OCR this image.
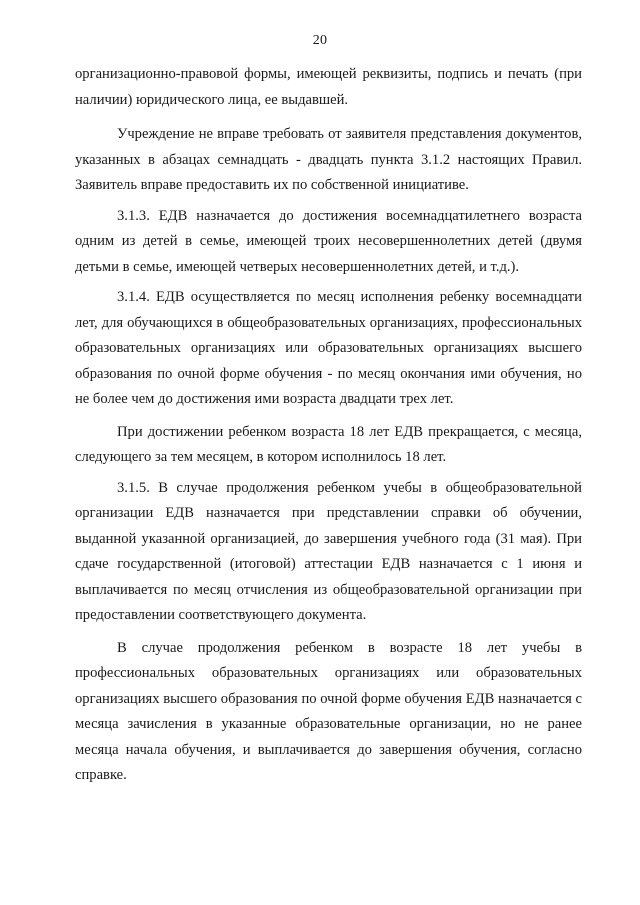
20

организационно-правовой формы, имеющей реквизиты, подпись и печать (при наличии) юридического лица, ее выдавшей.

Учреждение не вправе требовать от заявителя представления документов, указанных в абзацах семнадцать - двадцать пункта 3.1.2 настоящих Правил. Заявитель вправе предоставить их по собственной инициативе.

3.1.3. ЕДВ назначается до достижения восемнадцатилетнего возраста одним из детей в семье, имеющей троих несовершеннолетних детей (двумя детьми в семье, имеющей четверых несовершеннолетних детей, и т.д.).

3.1.4. ЕДВ осуществляется по месяц исполнения ребенку восемнадцати лет, для обучающихся в общеобразовательных организациях, профессиональных образовательных организациях или образовательных организациях высшего образования по очной форме обучения - по месяц окончания ими обучения, но не более чем до достижения ими возраста двадцати трех лет.

При достижении ребенком возраста 18 лет ЕДВ прекращается, с месяца, следующего за тем месяцем, в котором исполнилось 18 лет.

3.1.5. В случае продолжения ребенком учебы в общеобразовательной организации ЕДВ назначается при представлении справки об обучении, выданной указанной организацией, до завершения учебного года (31 мая). При сдаче государственной (итоговой) аттестации ЕДВ назначается с 1 июня и выплачивается по месяц отчисления из общеобразовательной организации при предоставлении соответствующего документа.

В случае продолжения ребенком в возрасте 18 лет учебы в профессиональных образовательных организациях или образовательных организациях высшего образования по очной форме обучения ЕДВ назначается с месяца зачисления в указанные образовательные организации, но не ранее месяца начала обучения, и выплачивается до завершения обучения, согласно справке.
